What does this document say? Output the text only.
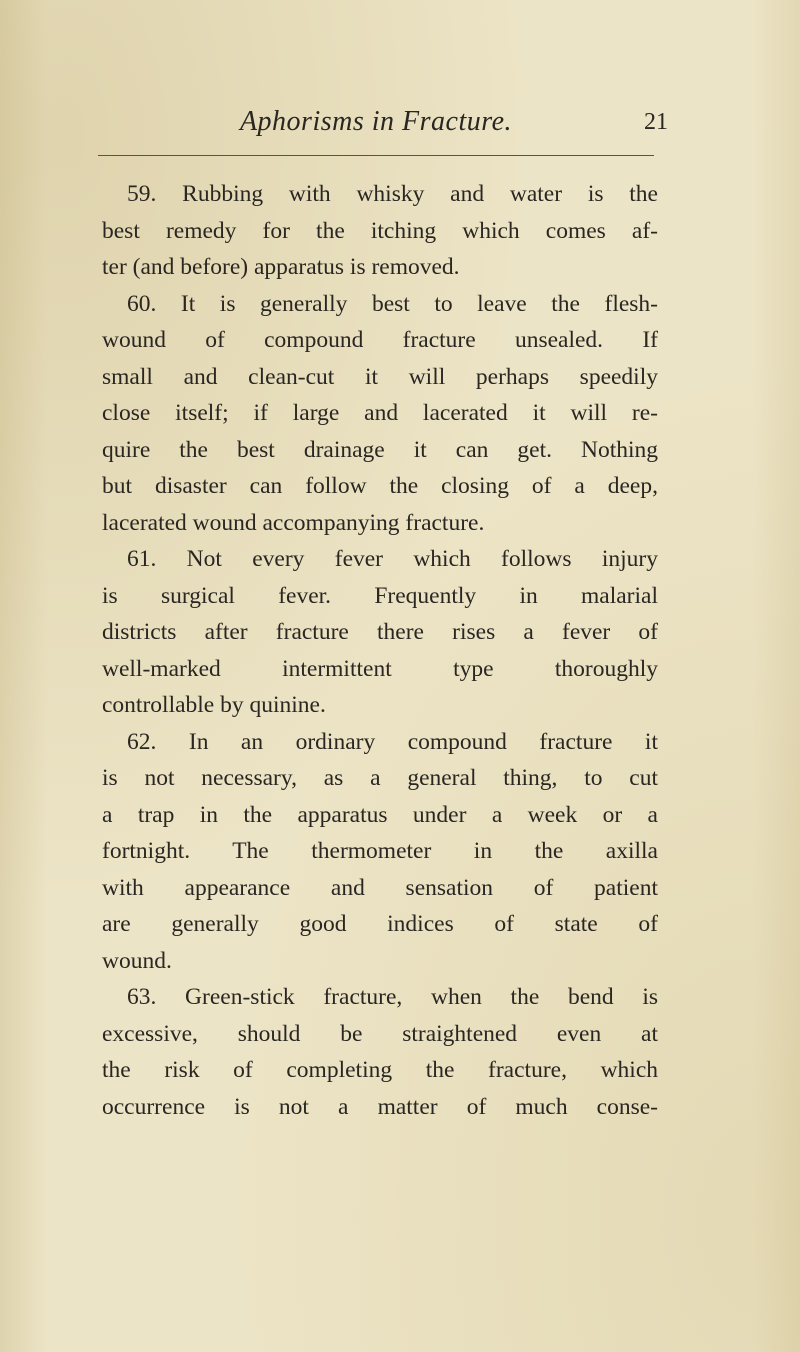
Aphorisms in Fracture.	21
59. Rubbing with whisky and water is the
best remedy for the itching which comes af-
ter (and before) apparatus is removed.
60. It is generally best to leave the flesh-
wound of compound fracture unsealed. If
small and clean-cut it will perhaps speedily
close itself; if large and lacerated it will re-
quire the best drainage it can get. Nothing
but disaster can follow the closing of a deep,
lacerated wound accompanying fracture.
61. Not every fever which follows injury
is surgical fever. Frequently in malarial
districts after fracture there rises a fever of
well-marked intermittent type thoroughly
controllable by quinine.
62. In an ordinary compound fracture it
is not necessary, as a general thing, to cut
a trap in the apparatus under a week or a
fortnight. The thermometer in the axilla
with appearance and sensation of patient
are generally good indices of state of
wound.
63. Green-stick fracture, when the bend is
excessive, should be straightened even at
the risk of completing the fracture, which
occurrence is not a matter of much conse-
